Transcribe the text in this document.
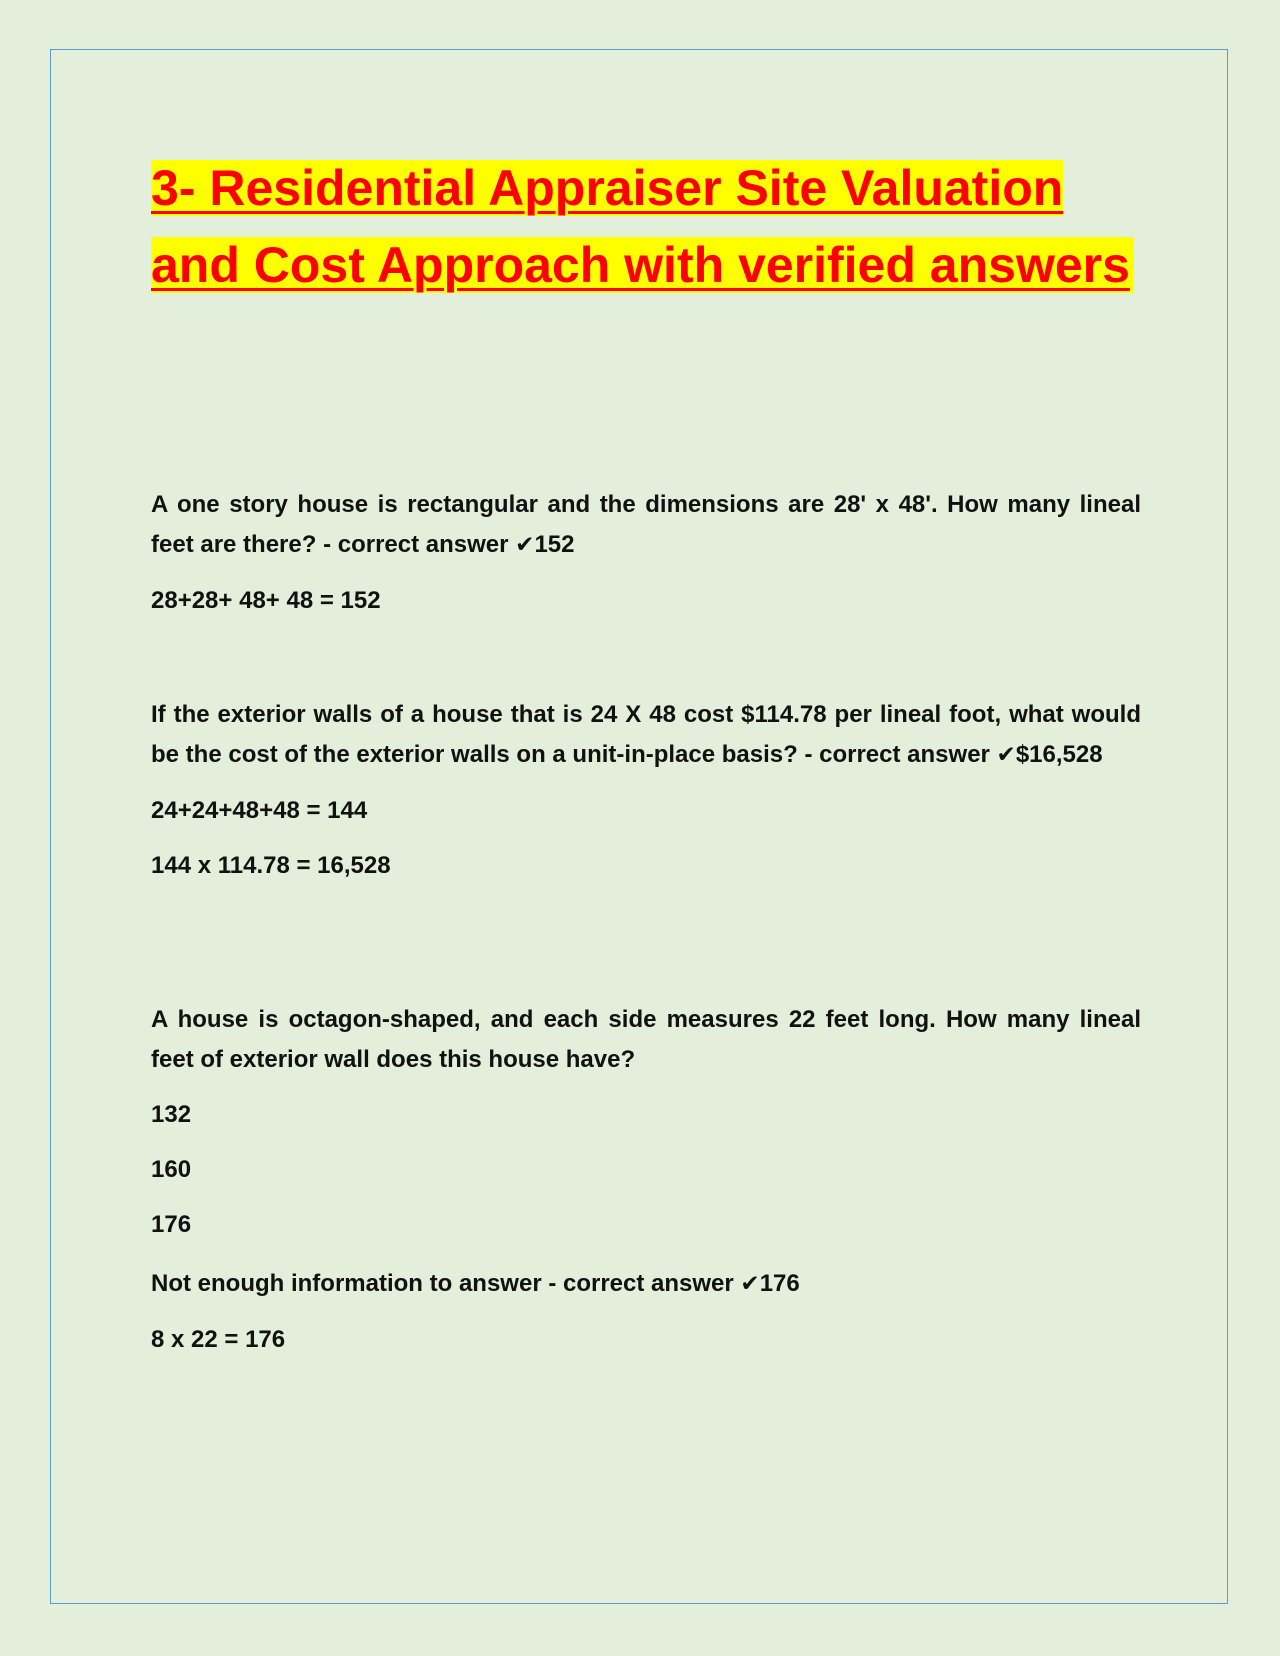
3- Residential Appraiser Site Valuation and Cost Approach with verified answers

A one story house is rectangular and the dimensions are 28' x 48'. How many lineal feet are there? - correct answer ✔152

28+28+ 48+ 48 = 152

If the exterior walls of a house that is 24 X 48 cost $114.78 per lineal foot, what would be the cost of the exterior walls on a unit-in-place basis? - correct answer ✔$16,528

24+24+48+48 = 144

144 x 114.78 = 16,528

A house is octagon-shaped, and each side measures 22 feet long. How many lineal feet of exterior wall does this house have?

132

160

176

Not enough information to answer - correct answer ✔176

8 x 22 = 176
